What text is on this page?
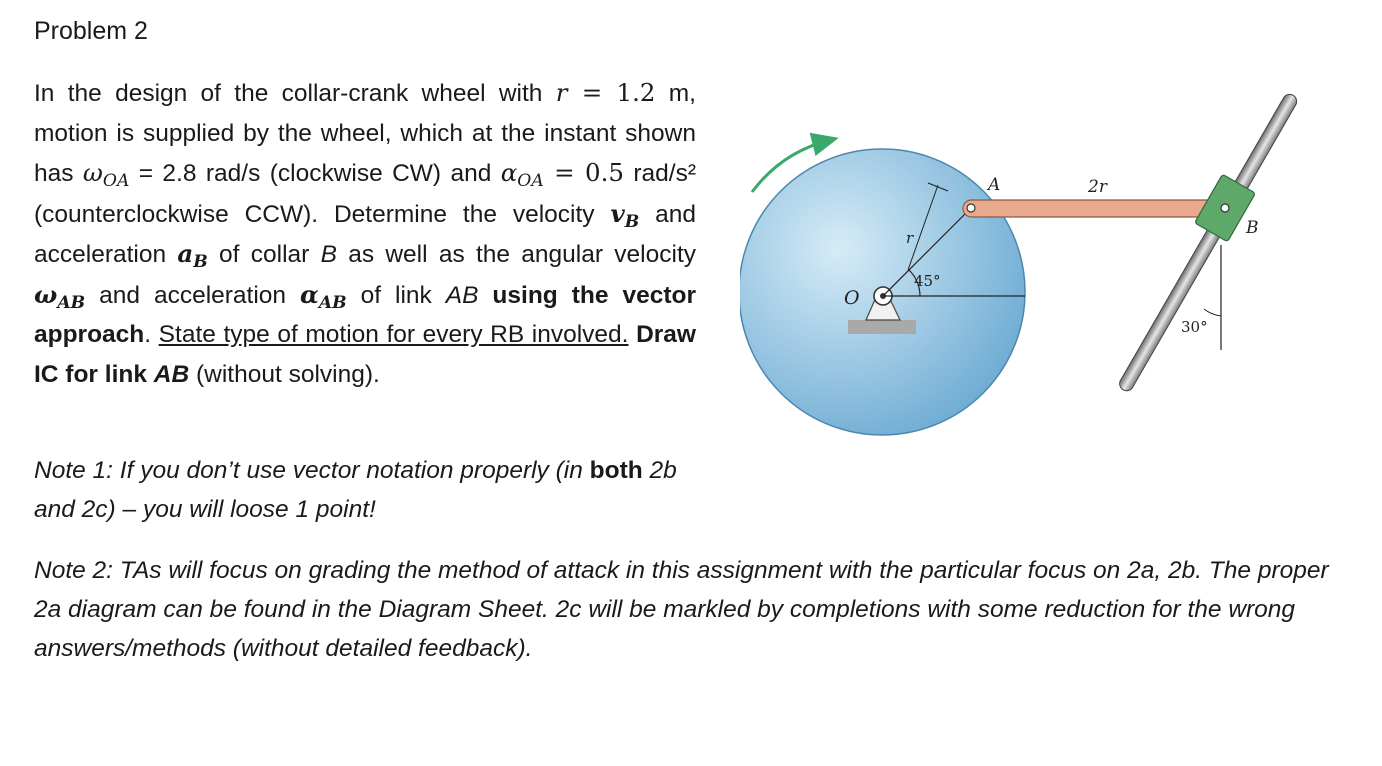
Problem 2
In the design of the collar-crank wheel with r = 1.2 m, motion is supplied by the wheel, which at the instant shown has $\omega_{OA} = 2.8$ rad/s (clockwise CW) and $\alpha_{OA} = 0.5$ rad/s² (counterclockwise CCW). Determine the velocity $v_B$ and acceleration $a_B$ of collar B as well as the angular velocity $\omega_{AB}$ and acceleration $\alpha_{AB}$ of link AB using the vector approach. State type of motion for every RB involved. Draw IC for link AB (without solving).
Note 1: If you don’t use vector notation properly (in both 2b and 2c) – you will loose 1 point!
Note 2: TAs will focus on grading the method of attack in this assignment with the particular focus on 2a, 2b. The proper 2a diagram can be found in the Diagram Sheet. 2c will be markled by completions with some reduction for the wrong answers/methods (without detailed feedback).
O
A	2r
B
r
45°
30°
